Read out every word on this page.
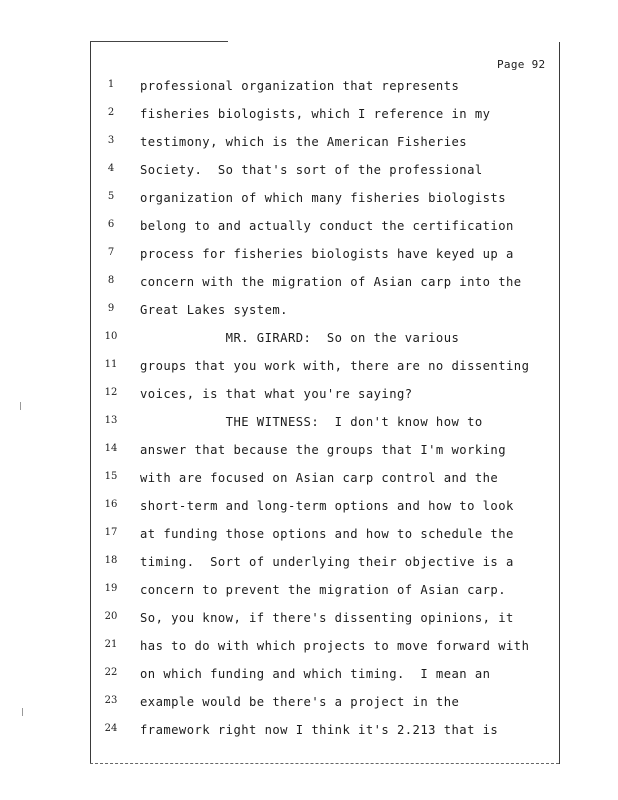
Page 92
1	professional organization that represents
2	fisheries biologists, which I reference in my
3	testimony, which is the American Fisheries
4	Society.  So that's sort of the professional
5	organization of which many fisheries biologists
6	belong to and actually conduct the certification
7	process for fisheries biologists have keyed up a
8	concern with the migration of Asian carp into the
9	Great Lakes system.
10	MR. GIRARD:  So on the various
11	groups that you work with, there are no dissenting
12	voices, is that what you're saying?
13	THE WITNESS:  I don't know how to
14	answer that because the groups that I'm working
15	with are focused on Asian carp control and the
16	short-term and long-term options and how to look
17	at funding those options and how to schedule the
18	timing.  Sort of underlying their objective is a
19	concern to prevent the migration of Asian carp.
20	So, you know, if there's dissenting opinions, it
21	has to do with which projects to move forward with
22	on which funding and which timing.  I mean an
23	example would be there's a project in the
24	framework right now I think it's 2.213 that is
